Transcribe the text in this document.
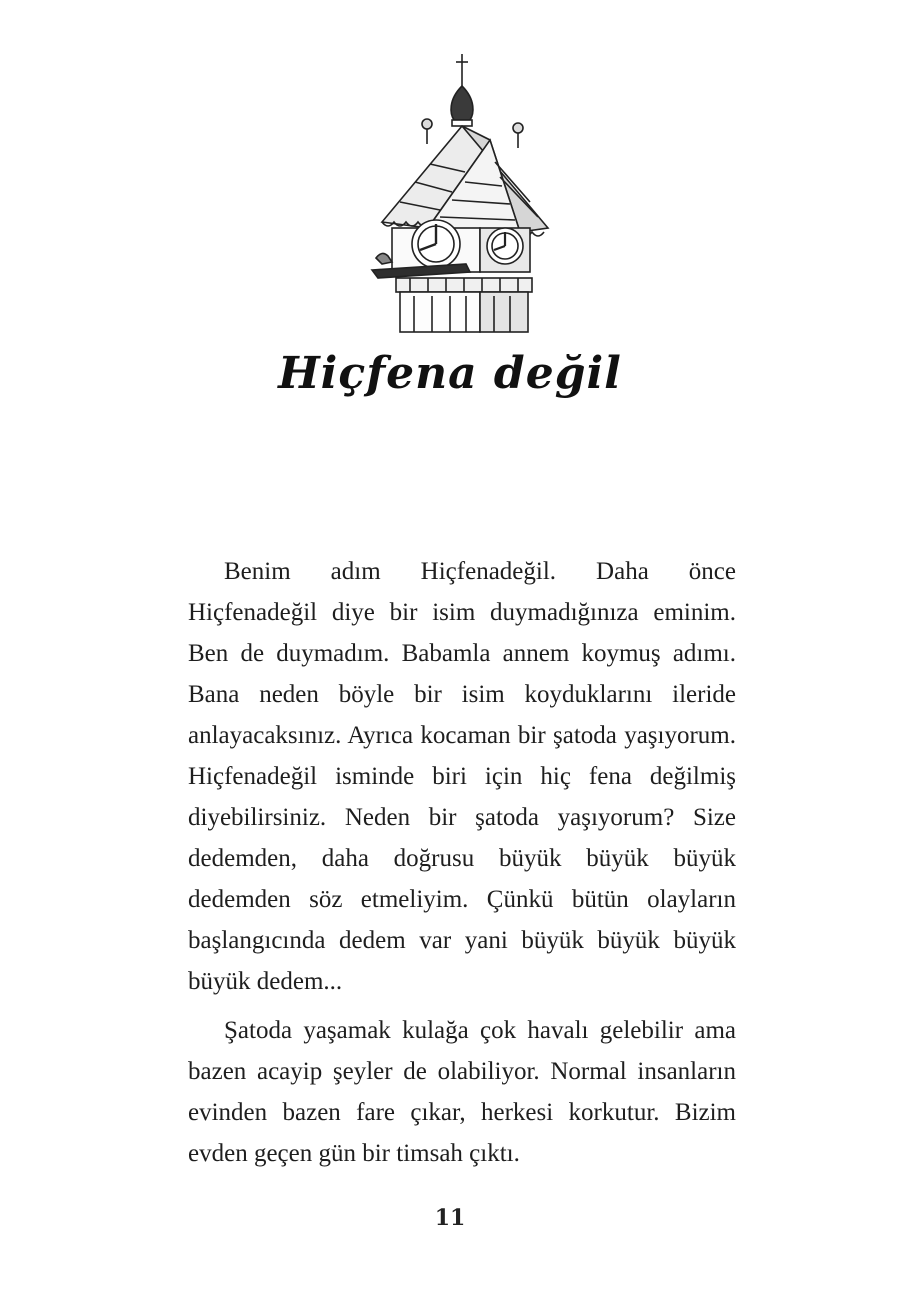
Hiçfena değil

Benim adım Hiçfenadeğil. Daha önce Hiçfenadeğil diye bir isim duymadığınıza eminim. Ben de duymadım. Babamla annem koymuş adımı. Bana neden böyle bir isim koyduklarını ileride anlayacaksınız. Ayrıca kocaman bir şatoda yaşıyorum. Hiçfenadeğil isminde biri için hiç fena değilmiş diyebilirsiniz. Neden bir şatoda yaşıyorum? Size dedemden, daha doğrusu büyük büyük büyük dedemden söz etmeliyim. Çünkü bütün olayların başlangıcında dedem var yani büyük büyük büyük büyük dedem...

Şatoda yaşamak kulağa çok havalı gelebilir ama bazen acayip şeyler de olabiliyor. Normal insanların evinden bazen fare çıkar, herkesi korkutur. Bizim evden geçen gün bir timsah çıktı.

11
